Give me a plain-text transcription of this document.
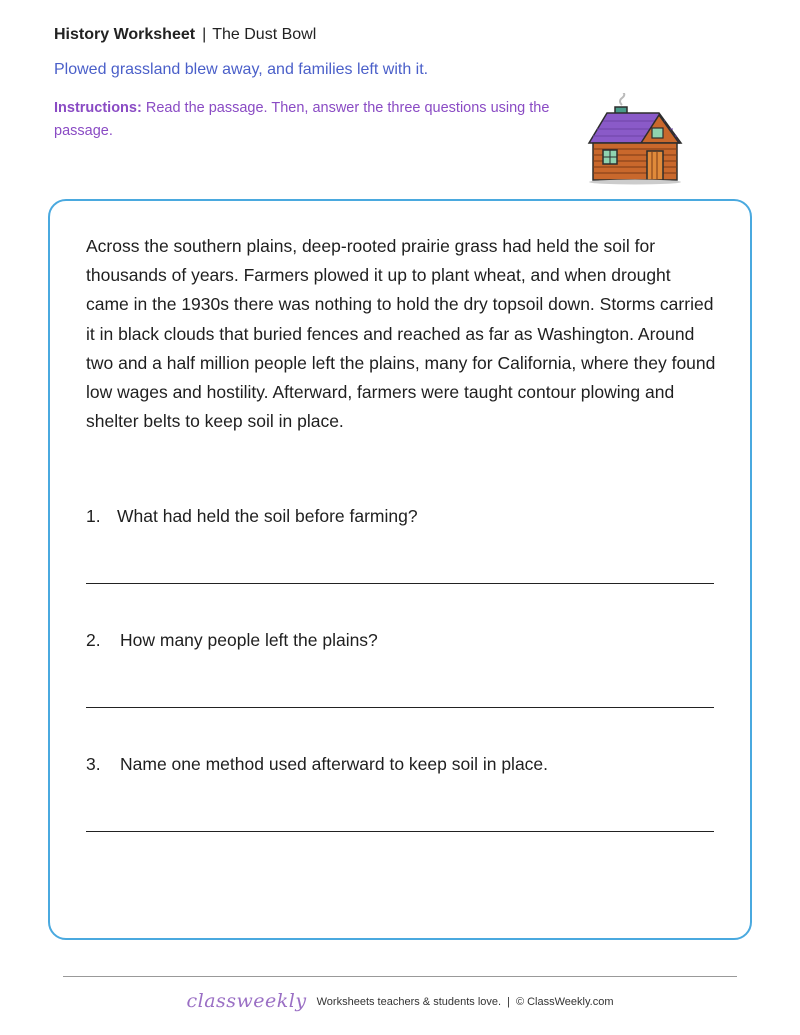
History Worksheet | The Dust Bowl
Plowed grassland blew away, and families left with it.
Instructions: Read the passage. Then, answer the three questions using the passage.

Across the southern plains, deep-rooted prairie grass had held the soil for thousands of years. Farmers plowed it up to plant wheat, and when drought came in the 1930s there was nothing to hold the dry topsoil down. Storms carried it in black clouds that buried fences and reached as far as Washington. Around two and a half million people left the plains, many for California, where they found low wages and hostility. Afterward, farmers were taught contour plowing and shelter belts to keep soil in place.

1. What had held the soil before farming?
2. How many people left the plains?
3. Name one method used afterward to keep soil in place.
classweekly Worksheets teachers & students love. | © ClassWeekly.com
